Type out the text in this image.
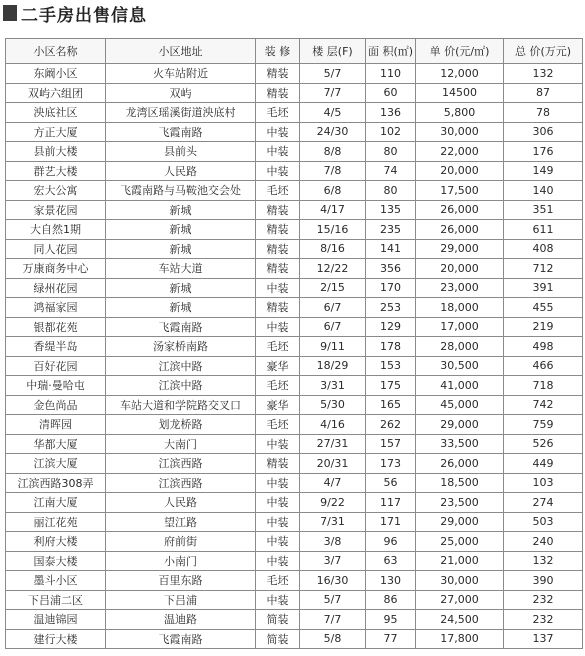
二手房出售信息
小区名称	小区地址	装 修	楼 层(F)	面 积(㎡)	单 价(元/㎡)	总 价(万元)
东阚小区	火车站附近	精装	5/7	110	12,000	132
双屿六组团	双屿	精装	7/7	60	14500	87
泱底社区	龙湾区瑶溪街道泱底村	毛坯	4/5	136	5,800	78
方正大厦	飞霞南路	中装	24/30	102	30,000	306
县前大楼	县前头	中装	8/8	80	22,000	176
群艺大楼	人民路	中装	7/8	74	20,000	149
宏大公寓	飞霞南路与马鞍池交会处	毛坯	6/8	80	17,500	140
家景花园	新城	精装	4/17	135	26,000	351
大自然1期	新城	精装	15/16	235	26,000	611
同人花园	新城	精装	8/16	141	29,000	408
万康商务中心	车站大道	精装	12/22	356	20,000	712
绿州花园	新城	中装	2/15	170	23,000	391
鸿福家园	新城	精装	6/7	253	18,000	455
银都花苑	飞霞南路	中装	6/7	129	17,000	219
香缇半岛	汤家桥南路	毛坯	9/11	178	28,000	498
百好花园	江滨中路	豪华	18/29	153	30,500	466
中瑞·曼哈屯	江滨中路	毛坯	3/31	175	41,000	718
金色尚品	车站大道和学院路交叉口	豪华	5/30	165	45,000	742
清晖园	划龙桥路	毛坯	4/16	262	29,000	759
华都大厦	大南门	中装	27/31	157	33,500	526
江滨大厦	江滨西路	精装	20/31	173	26,000	449
江滨西路308弄	江滨西路	中装	4/7	56	18,500	103
江南大厦	人民路	中装	9/22	117	23,500	274
丽江花苑	望江路	中装	7/31	171	29,000	503
利府大楼	府前街	中装	3/8	96	25,000	240
国泰大楼	小南门	中装	3/7	63	21,000	132
墨斗小区	百里东路	毛坯	16/30	130	30,000	390
下吕浦二区	下吕浦	中装	5/7	86	27,000	232
温迪锦园	温迪路	简装	7/7	95	24,500	232
建行大楼	飞霞南路	简装	5/8	77	17,800	137
